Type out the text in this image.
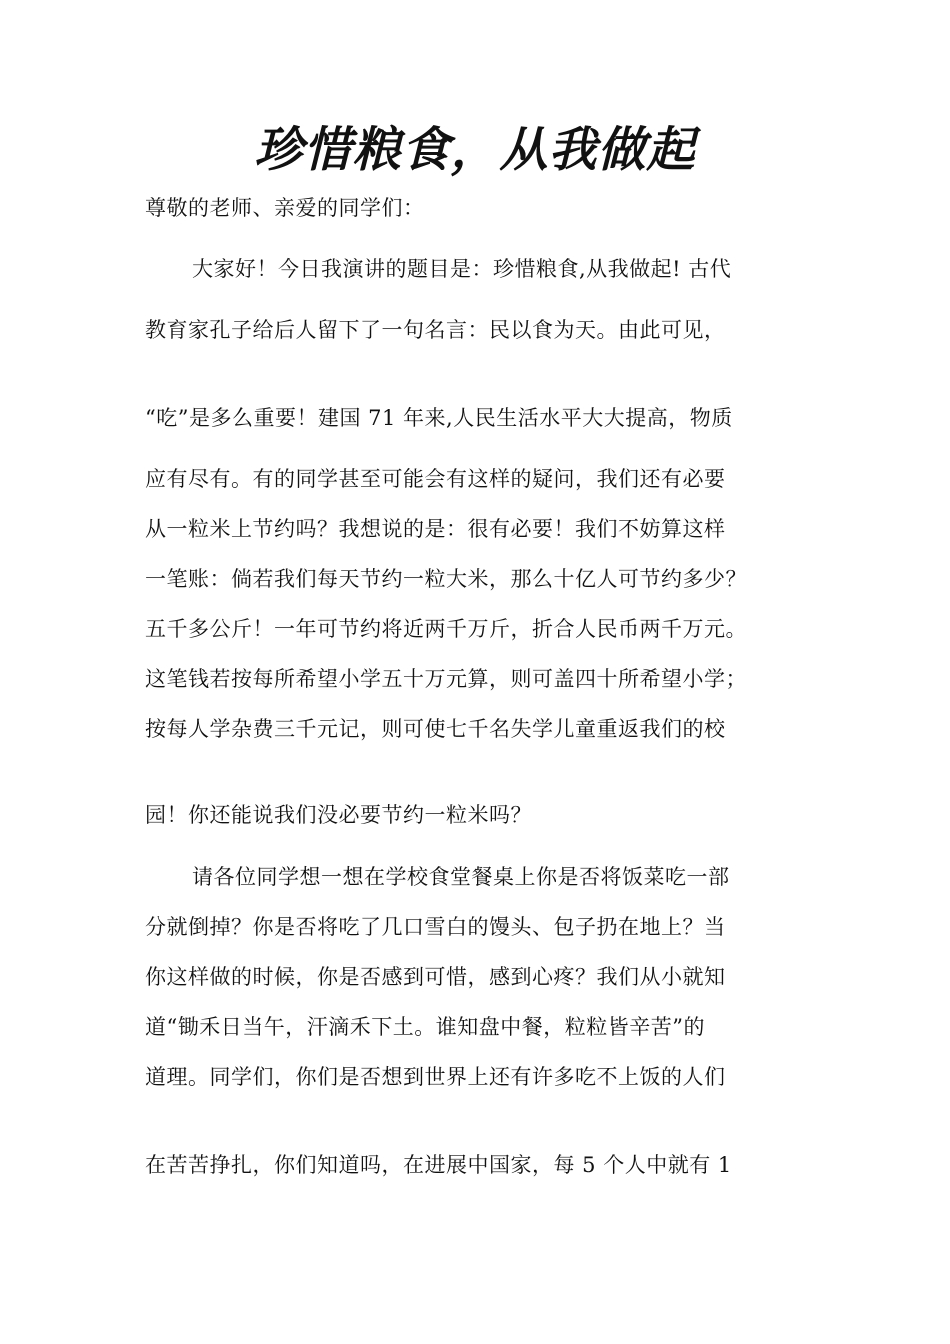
珍惜粮食，从我做起

尊敬的老师、亲爱的同学们：

大家好！今日我演讲的题目是：珍惜粮食,从我做起! 古代

教育家孔子给后人留下了一句名言：民以食为天。由此可见，

“吃”是多么重要！建国 71 年来,人民生活水平大大提高，物质

应有尽有。有的同学甚至可能会有这样的疑问，我们还有必要

从一粒米上节约吗？我想说的是：很有必要！我们不妨算这样

一笔账：倘若我们每天节约一粒大米，那么十亿人可节约多少？

五千多公斤！一年可节约将近两千万斤，折合人民币两千万元。

这笔钱若按每所希望小学五十万元算，则可盖四十所希望小学；

按每人学杂费三千元记，则可使七千名失学儿童重返我们的校

园！你还能说我们没必要节约一粒米吗？

请各位同学想一想在学校食堂餐桌上你是否将饭菜吃一部

分就倒掉？你是否将吃了几口雪白的馒头、包子扔在地上？当

你这样做的时候，你是否感到可惜，感到心疼？我们从小就知

道“锄禾日当午，汗滴禾下土。谁知盘中餐，粒粒皆辛苦”的

道理。同学们，你们是否想到世界上还有许多吃不上饭的人们

在苦苦挣扎，你们知道吗，在进展中国家，每 5 个人中就有 1
